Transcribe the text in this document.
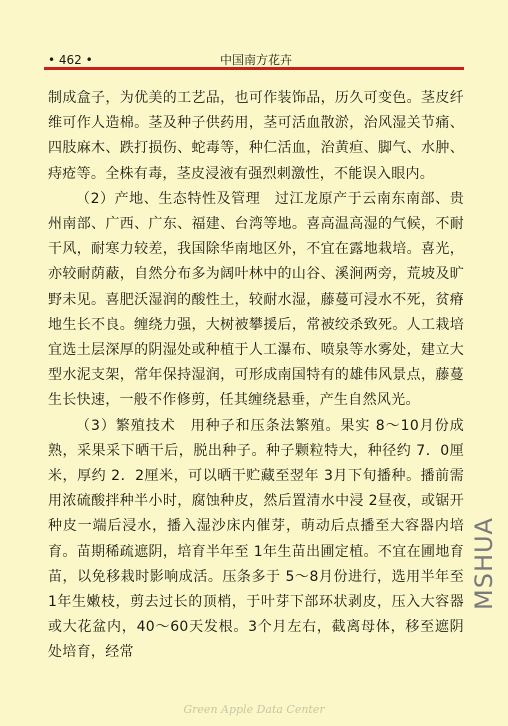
• 462 •	中国南方花卉

制成盒子，为优美的工艺品，也可作装饰品，历久可变色。茎皮纤维可作人造棉。茎及种子供药用，茎可活血散淤，治风湿关节痛、四肢麻木、跌打损伤、蛇毒等，种仁活血，治黄疸、脚气、水肿、痔疮等。全株有毒，茎皮浸液有强烈刺激性，不能误入眼内。

（2）产地、生态特性及管理　过江龙原产于云南东南部、贵州南部、广西、广东、福建、台湾等地。喜高温高湿的气候，不耐干风，耐寒力较差，我国除华南地区外，不宜在露地栽培。喜光，亦较耐荫蔽，自然分布多为阔叶林中的山谷、溪涧两旁，荒坡及旷野未见。喜肥沃湿润的酸性土，较耐水湿，藤蔓可浸水不死，贫瘠地生长不良。缠绕力强，大树被攀援后，常被绞杀致死。人工栽培宜选土层深厚的阴湿处或种植于人工瀑布、喷泉等水雾处，建立大型水泥支架，常年保持湿润，可形成南国特有的雄伟风景点，藤蔓生长快速，一般不作修剪，任其缠绕悬垂，产生自然风光。

（3）繁殖技术　用种子和压条法繁殖。果实 8～10月份成熟，采果采下晒干后，脱出种子。种子颗粒特大，种径约 7．0厘米，厚约 2．2厘米，可以晒干贮藏至翌年 3月下旬播种。播前需用浓硫酸拌种半小时，腐蚀种皮，然后置清水中浸 2昼夜，或锯开种皮一端后浸水，播入湿沙床内催芽，萌动后点播至大容器内培育。苗期稀疏遮阴，培育半年至 1年生苗出圃定植。不宜在圃地育苗，以免移栽时影响成活。压条多于 5～8月份进行，选用半年至 1年生嫩枝，剪去过长的顶梢，于叶芽下部环状剥皮，压入大容器或大花盆内，40～60天发根。3个月左右，截离母体，移至遮阴处培育，经常

MSHUA
Green Apple Data Center
